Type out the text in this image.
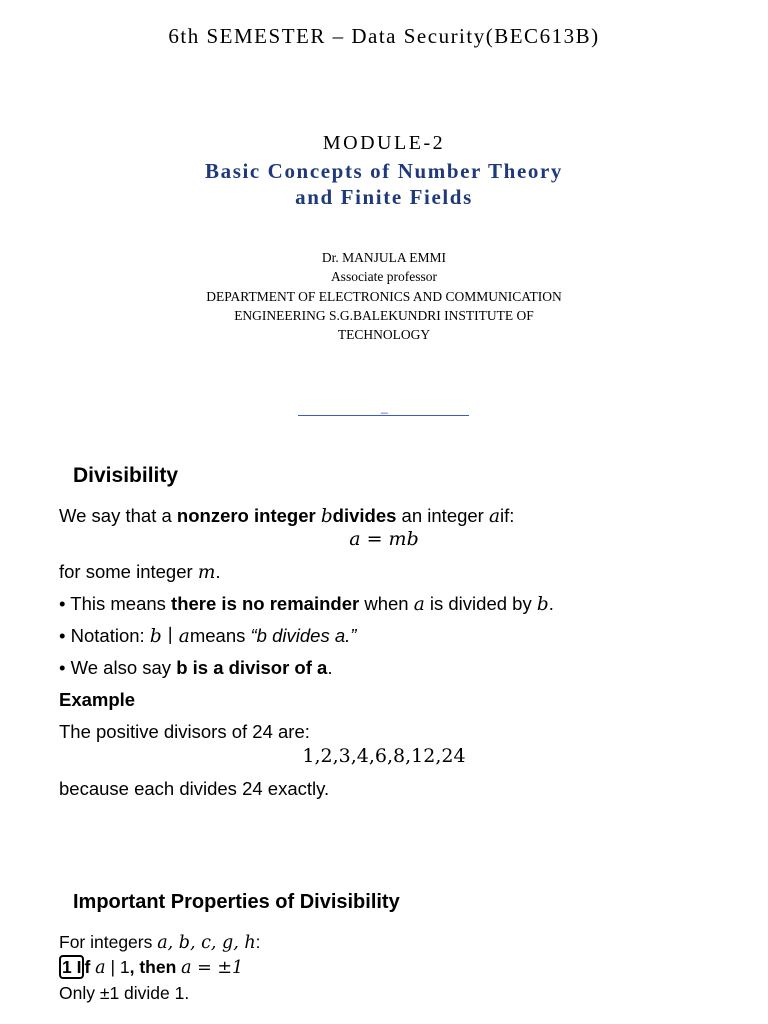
6th SEMESTER – Data Security(BEC613B)
MODULE-2
Basic Concepts of Number Theory
and Finite Fields
Dr. MANJULA EMMI
Associate professor
DEPARTMENT OF ELECTRONICS AND COMMUNICATION
ENGINEERING S.G.BALEKUNDRI INSTITUTE OF
TECHNOLOGY
_
Divisibility
We say that a nonzero integer bdivides an integer aif:
a = mb
for some integer m.
• This means there is no remainder when a is divided by b.
• Notation: b ∣ ameans “b divides a.”
• We also say b is a divisor of a.
Example
The positive divisors of 24 are:
1,2,3,4,6,8,12,24
because each divides 24 exactly.
Important Properties of Divisibility
For integers a, b, c, g, h:
1 I f a | 1, then a = ±1
Only ±1 divide 1.
